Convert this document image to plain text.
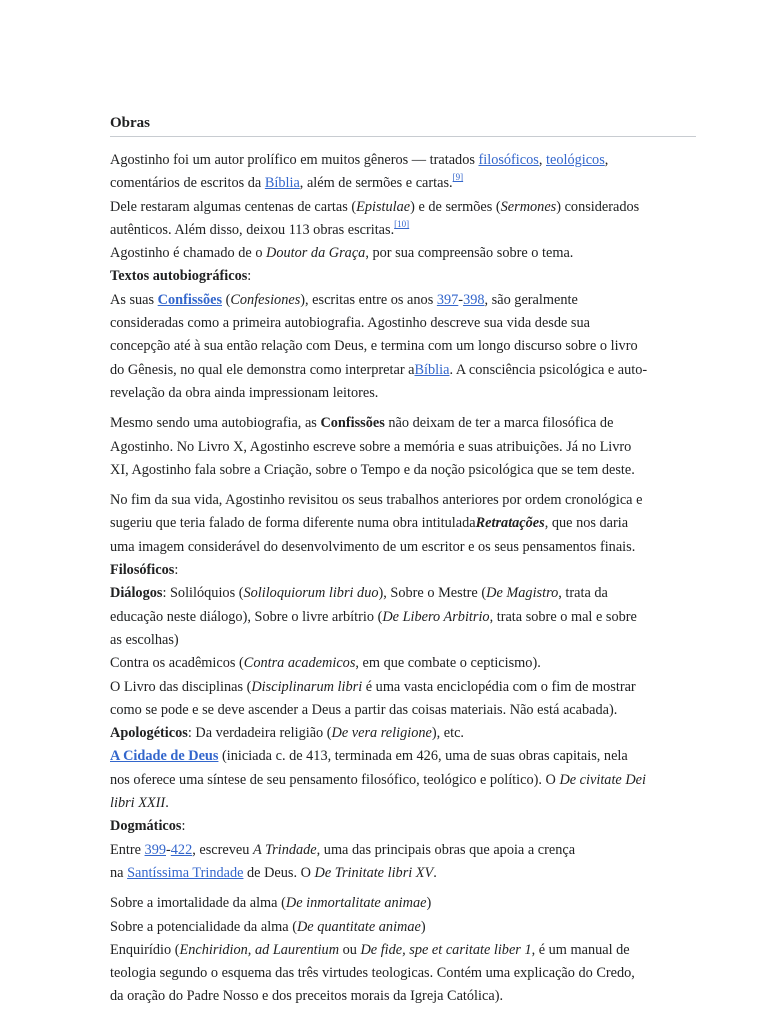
Obras

Agostinho foi um autor prolífico em muitos gêneros — tratados filosóficos, teológicos,
comentários de escritos da Bíblia, além de sermões e cartas.[9]
Dele restaram algumas centenas de cartas (Epistulae) e de sermões (Sermones) considerados
autênticos. Além disso, deixou 113 obras escritas.[10]
Agostinho é chamado de o Doutor da Graça, por sua compreensão sobre o tema.
Textos autobiográficos:
As suas Confissões (Confesiones), escritas entre os anos 397-398, são geralmente
consideradas como a primeira autobiografia. Agostinho descreve sua vida desde sua
concepção até à sua então relação com Deus, e termina com um longo discurso sobre o livro
do Gênesis, no qual ele demonstra como interpretar aBíblia. A consciência psicológica e auto-
revelação da obra ainda impressionam leitores.

Mesmo sendo uma autobiografia, as Confissões não deixam de ter a marca filosófica de
Agostinho. No Livro X, Agostinho escreve sobre a memória e suas atribuições. Já no Livro
XI, Agostinho fala sobre a Criação, sobre o Tempo e da noção psicológica que se tem deste.

No fim da sua vida, Agostinho revisitou os seus trabalhos anteriores por ordem cronológica e
sugeriu que teria falado de forma diferente numa obra intituladaRetratações, que nos daria
uma imagem considerável do desenvolvimento de um escritor e os seus pensamentos finais.
Filosóficos:
Diálogos: Solilóquios (Soliloquiorum libri duo), Sobre o Mestre (De Magistro, trata da
educação neste diálogo), Sobre o livre arbítrio (De Libero Arbitrio, trata sobre o mal e sobre
as escolhas)
Contra os acadêmicos (Contra academicos, em que combate o cepticismo).
O Livro das disciplinas (Disciplinarum libri é uma vasta enciclopédia com o fim de mostrar
como se pode e se deve ascender a Deus a partir das coisas materiais. Não está acabada).
Apologéticos: Da verdadeira religião (De vera religione), etc.
A Cidade de Deus (iniciada c. de 413, terminada em 426, uma de suas obras capitais, nela
nos oferece uma síntese de seu pensamento filosófico, teológico e político). O De civitate Dei
libri XXII.
Dogmáticos:
Entre 399-422, escreveu A Trindade, uma das principais obras que apoia a crença
na Santíssima Trindade de Deus. O De Trinitate libri XV.

Sobre a imortalidade da alma (De inmortalitate animae)
Sobre a potencialidade da alma (De quantitate animae)
Enquirídio (Enchiridion, ad Laurentium ou De fide, spe et caritate liber 1, é um manual de
teologia segundo o esquema das três virtudes teologicas. Contém uma explicação do Credo,
da oração do Padre Nosso e dos preceitos morais da Igreja Católica).
